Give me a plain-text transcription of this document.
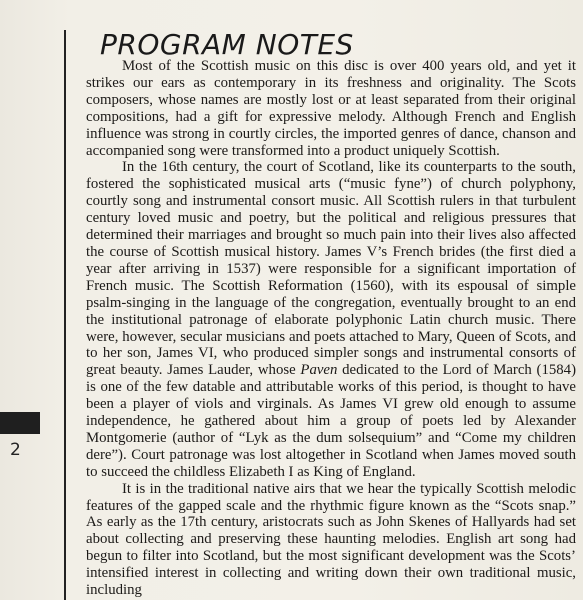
2
PROGRAM NOTES

Most of the Scottish music on this disc is over 400 years old, and yet it strikes our ears as contemporary in its freshness and originality. The Scots composers, whose names are mostly lost or at least separated from their original compositions, had a gift for expressive melody. Although French and English influence was strong in courtly circles, the imported genres of dance, chanson and accompanied song were transformed into a product uniquely Scottish.

In the 16th century, the court of Scotland, like its counterparts to the south, fostered the sophisticated musical arts (“music fyne”) of church polyphony, courtly song and instrumental consort music. All Scottish rulers in that turbulent century loved music and poetry, but the political and religious pressures that determined their marriages and brought so much pain into their lives also affected the course of Scottish musical history. James V’s French brides (the first died a year after arriving in 1537) were responsible for a significant importation of French music. The Scottish Reformation (1560), with its espousal of simple psalm-singing in the language of the congregation, eventually brought to an end the institutional patronage of elaborate polyphonic Latin church music. There were, however, secular musicians and poets attached to Mary, Queen of Scots, and to her son, James VI, who produced simpler songs and instrumental consorts of great beauty. James Lauder, whose Paven dedicated to the Lord of March (1584) is one of the few datable and attributable works of this period, is thought to have been a player of viols and virginals. As James VI grew old enough to assume independence, he gathered about him a group of poets led by Alexander Montgomerie (author of “Lyk as the dum solsequium” and “Come my children dere”). Court patronage was lost altogether in Scotland when James moved south to succeed the childless Elizabeth I as King of England.

It is in the traditional native airs that we hear the typically Scottish melodic features of the gapped scale and the rhythmic figure known as the “Scots snap.” As early as the 17th century, aristocrats such as John Skenes of Hallyards had set about collecting and preserving these haunting melodies. English art song had begun to filter into Scotland, but the most significant development was the Scots’ intensified interest in collecting and writing down their own traditional music, including
